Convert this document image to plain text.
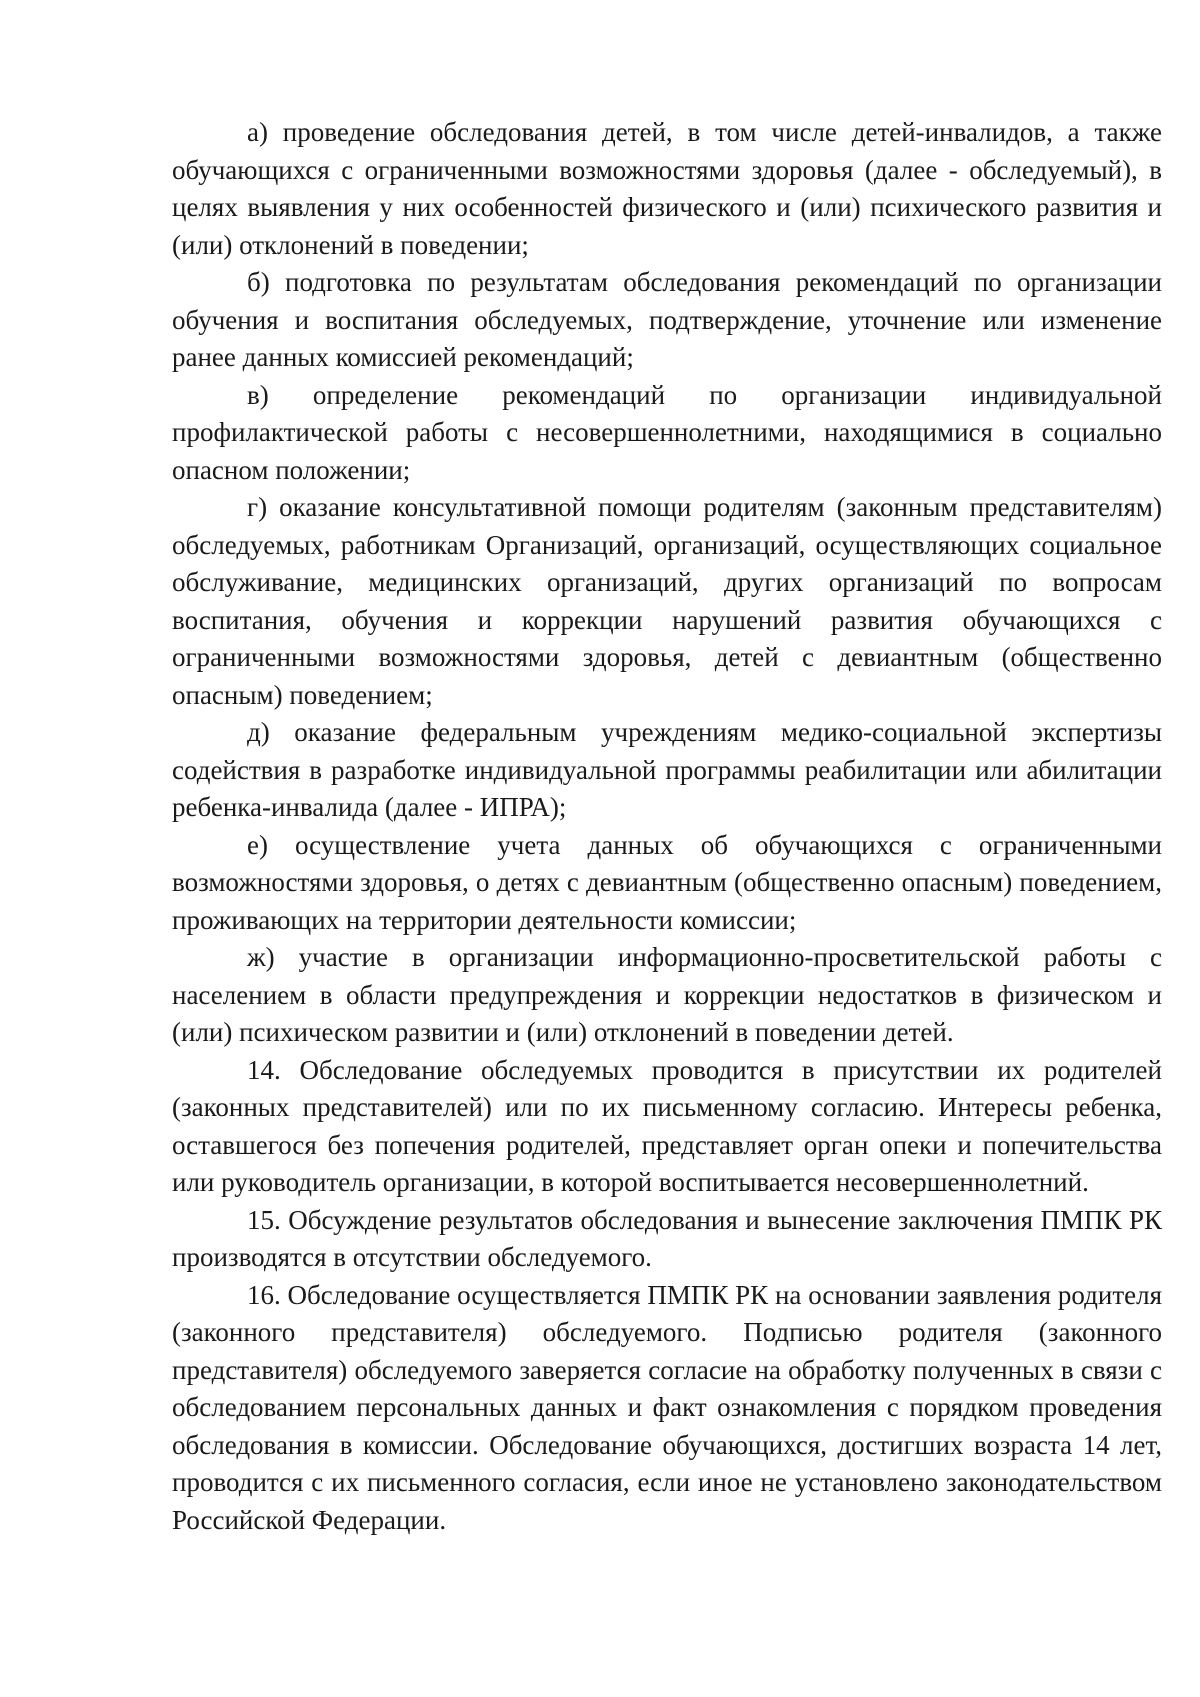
а) проведение обследования детей, в том числе детей-инвалидов, а также обучающихся с ограниченными возможностями здоровья (далее - обследуемый), в целях выявления у них особенностей физического и (или) психического развития и (или) отклонений в поведении;

б) подготовка по результатам обследования рекомендаций по организации обучения и воспитания обследуемых, подтверждение, уточнение или изменение ранее данных комиссией рекомендаций;

в) определение рекомендаций по организации индивидуальной профилактической работы с несовершеннолетними, находящимися в социально опасном положении;

г) оказание консультативной помощи родителям (законным представителям) обследуемых, работникам Организаций, организаций, осуществляющих социальное обслуживание, медицинских организаций, других организаций по вопросам воспитания, обучения и коррекции нарушений развития обучающихся с ограниченными возможностями здоровья, детей с девиантным (общественно опасным) поведением;

д) оказание федеральным учреждениям медико-социальной экспертизы содействия в разработке индивидуальной программы реабилитации или абилитации ребенка-инвалида (далее - ИПРА);

е) осуществление учета данных об обучающихся с ограниченными возможностями здоровья, о детях с девиантным (общественно опасным) поведением, проживающих на территории деятельности комиссии;

ж) участие в организации информационно-просветительской работы с населением в области предупреждения и коррекции недостатков в физическом и (или) психическом развитии и (или) отклонений в поведении детей.

14. Обследование обследуемых проводится в присутствии их родителей (законных представителей) или по их письменному согласию. Интересы ребенка, оставшегося без попечения родителей, представляет орган опеки и попечительства или руководитель организации, в которой воспитывается несовершеннолетний.

15. Обсуждение результатов обследования и вынесение заключения ПМПК РК производятся в отсутствии обследуемого.

16. Обследование осуществляется ПМПК РК на основании заявления родителя (законного представителя) обследуемого. Подписью родителя (законного представителя) обследуемого заверяется согласие на обработку полученных в связи с обследованием персональных данных и факт ознакомления с порядком проведения обследования в комиссии. Обследование обучающихся, достигших возраста 14 лет, проводится с их письменного согласия, если иное не установлено законодательством Российской Федерации.
